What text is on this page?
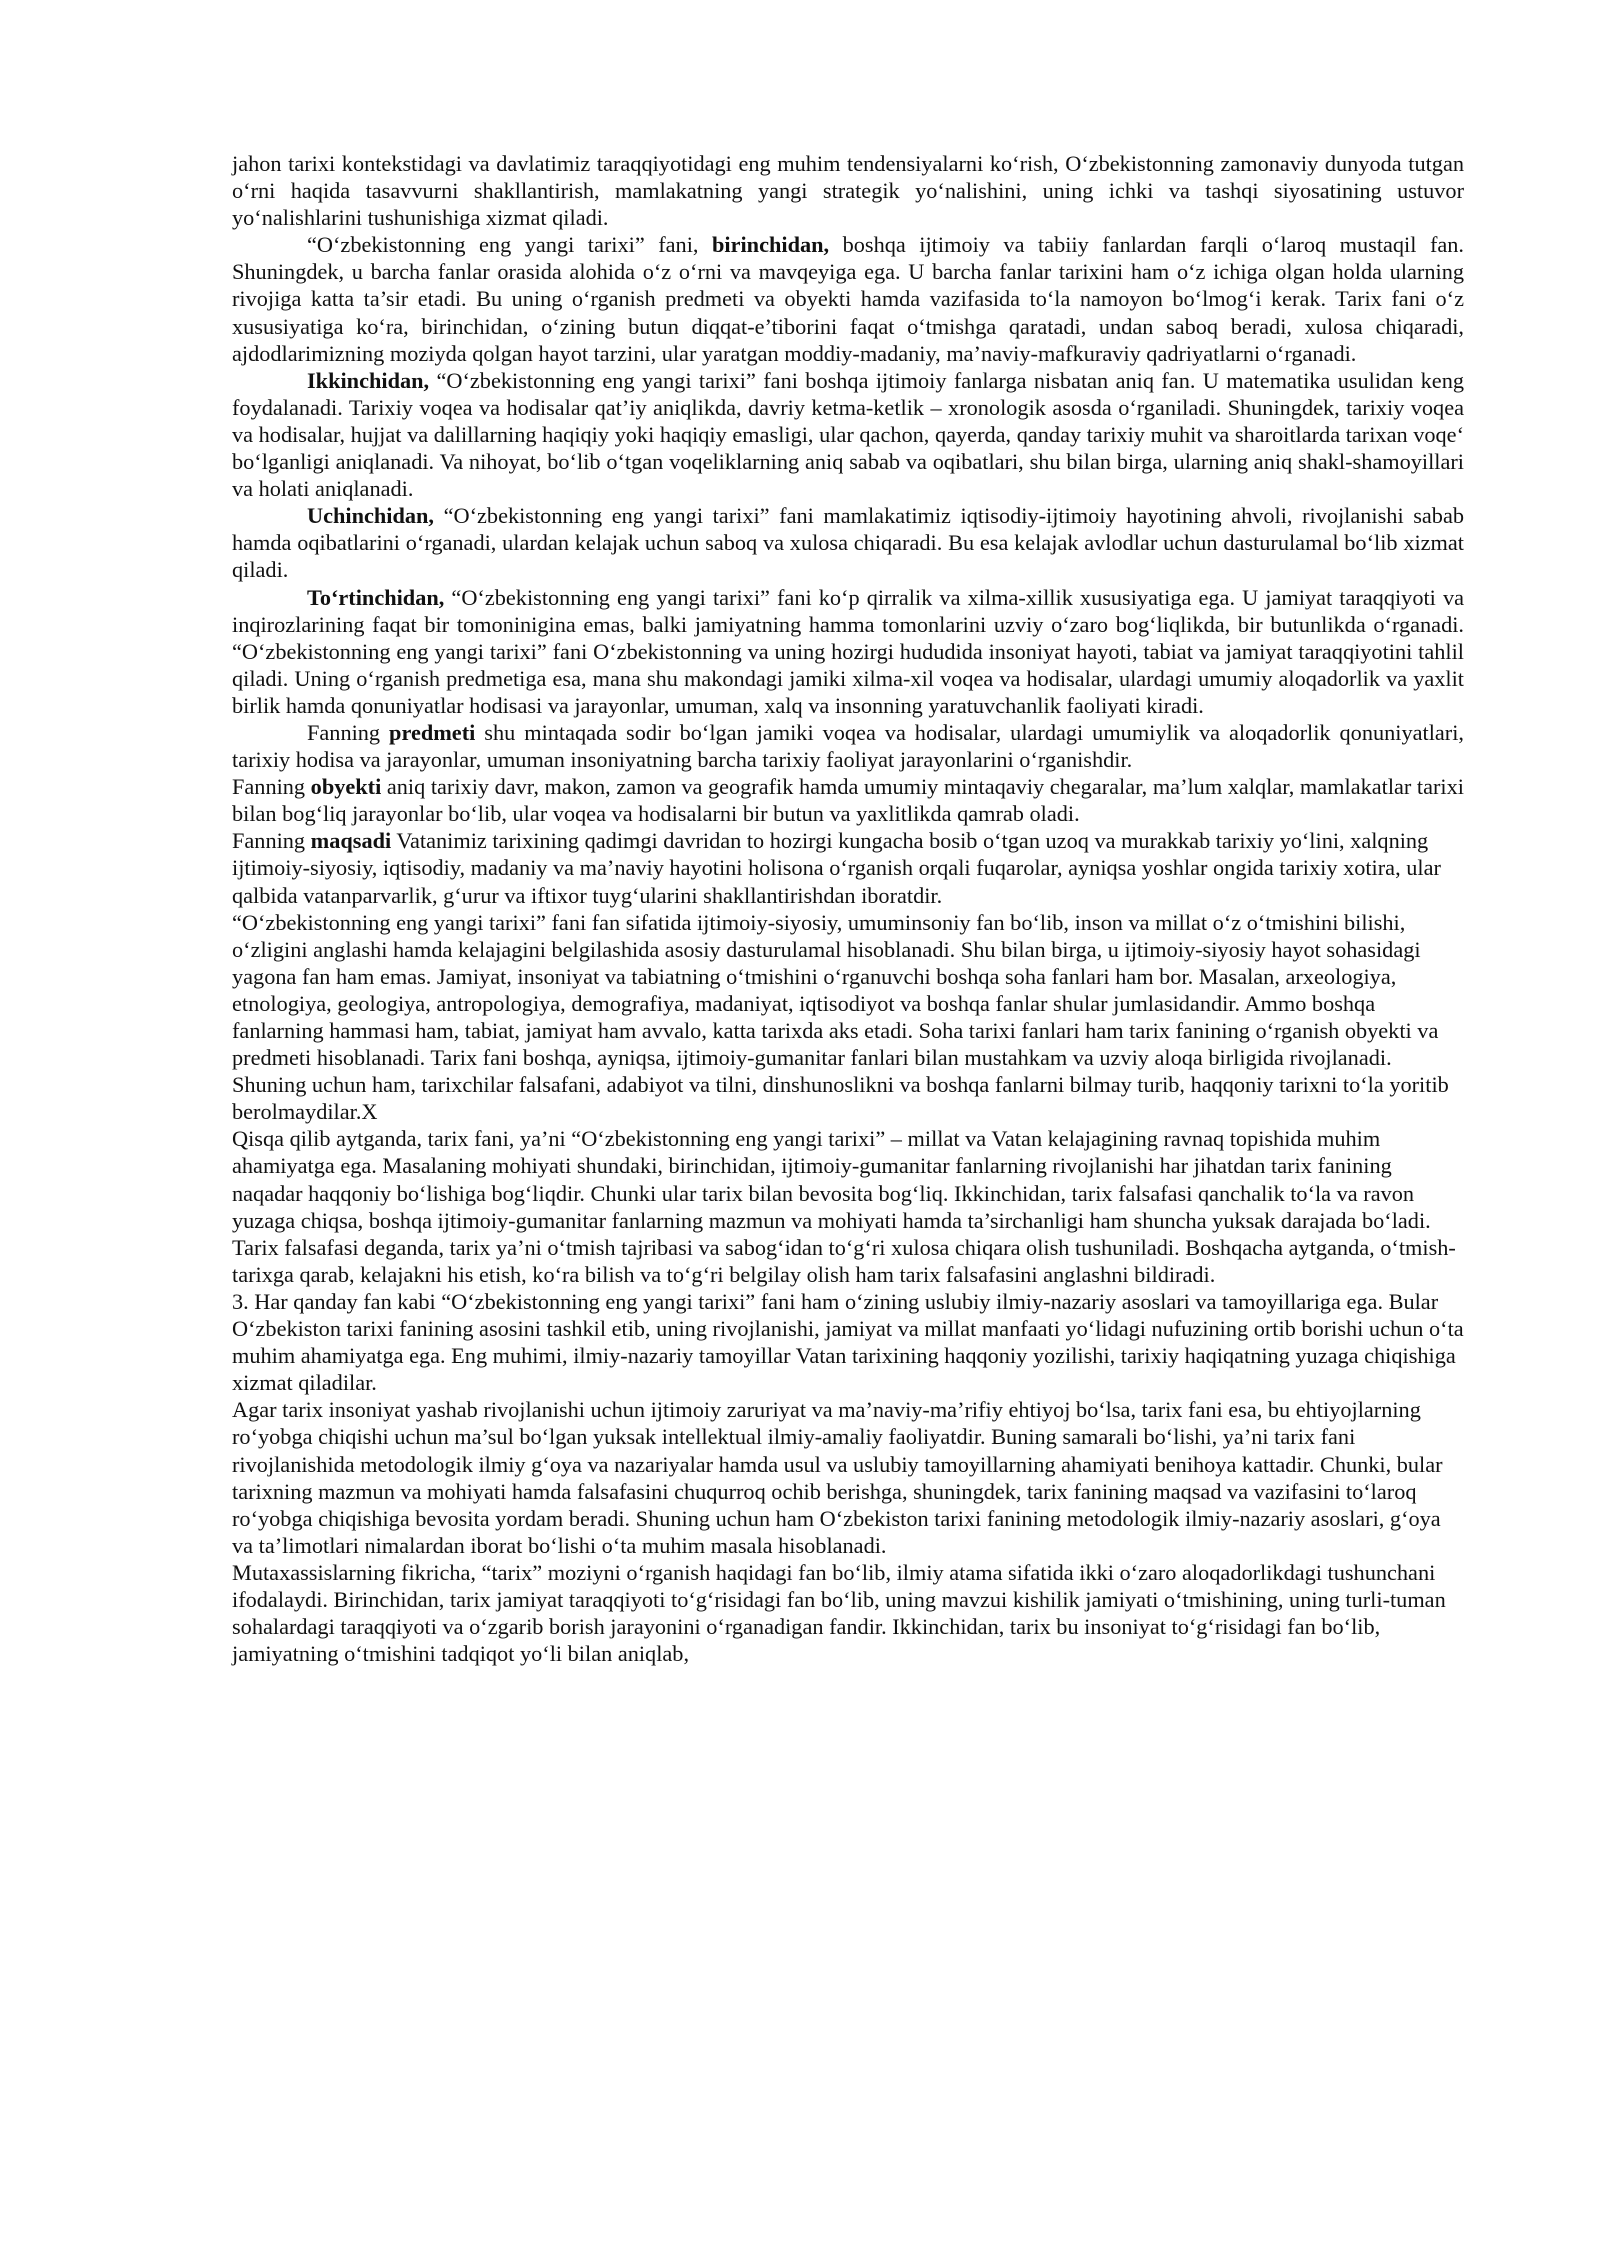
jahon tarixi kontekstidagi va davlatimiz taraqqiyotidagi eng muhim tendensiyalarni ko‘rish, O‘zbekistonning zamonaviy dunyoda tutgan o‘rni haqida tasavvurni shakllantirish, mamlakatning yangi strategik yo‘nalishini, uning ichki va tashqi siyosatining ustuvor yo‘nalishlarini tushunishiga xizmat qiladi.

“O‘zbekistonning eng yangi tarixi” fani, birinchidan, boshqa ijtimoiy va tabiiy fanlardan farqli o‘laroq mustaqil fan. Shuningdek, u barcha fanlar orasida alohida o‘z o‘rni va mavqeyiga ega. U barcha fanlar tarixini ham o‘z ichiga olgan holda ularning rivojiga katta ta’sir etadi. Bu uning o‘rganish predmeti va obyekti hamda vazifasida to‘la namoyon bo‘lmog‘i kerak. Tarix fani o‘z xususiyatiga ko‘ra, birinchidan, o‘zining butun diqqat-e’tiborini faqat o‘tmishga qaratadi, undan saboq beradi, xulosa chiqaradi, ajdodlarimizning moziyda qolgan hayot tarzini, ular yaratgan moddiy-madaniy, ma’naviy-mafkuraviy qadriyatlarni o‘rganadi.

Ikkinchidan, “O‘zbekistonning eng yangi tarixi” fani boshqa ijtimoiy fanlarga nisbatan aniq fan. U matematika usulidan keng foydalanadi. Tarixiy voqea va hodisalar qat’iy aniqlikda, davriy ketma-ketlik – xronologik asosda o‘rganiladi. Shuningdek, tarixiy voqea va hodisalar, hujjat va dalillarning haqiqiy yoki haqiqiy emasligi, ular qachon, qayerda, qanday tarixiy muhit va sharoitlarda tarixan voqe‘ bo‘lganligi aniqlanadi. Va nihoyat, bo‘lib o‘tgan voqeliklarning aniq sabab va oqibatlari, shu bilan birga, ularning aniq shakl-shamoyillari va holati aniqlanadi.

Uchinchidan, “O‘zbekistonning eng yangi tarixi” fani mamlakatimiz iqtisodiy-ijtimoiy hayotining ahvoli, rivojlanishi sabab hamda oqibatlarini o‘rganadi, ulardan kelajak uchun saboq va xulosa chiqaradi. Bu esa kelajak avlodlar uchun dasturulamal bo‘lib xizmat qiladi.

To‘rtinchidan, “O‘zbekistonning eng yangi tarixi” fani ko‘p qirralik va xilma-xillik xususiyatiga ega. U jamiyat taraqqiyoti va inqirozlarining faqat bir tomoninigina emas, balki jamiyatning hamma tomonlarini uzviy o‘zaro bog‘liqlikda, bir butunlikda o‘rganadi. “O‘zbekistonning eng yangi tarixi” fani O‘zbekistonning va uning hozirgi hududida insoniyat hayoti, tabiat va jamiyat taraqqiyotini tahlil qiladi. Uning o‘rganish predmetiga esa, mana shu makondagi jamiki xilma-xil voqea va hodisalar, ulardagi umumiy aloqadorlik va yaxlit birlik hamda qonuniyatlar hodisasi va jarayonlar, umuman, xalq va insonning yaratuvchanlik faoliyati kiradi.

Fanning predmeti shu mintaqada sodir bo‘lgan jamiki voqea va hodisalar, ulardagi umumiylik va aloqadorlik qonuniyatlari, tarixiy hodisa va jarayonlar, umuman insoniyatning barcha tarixiy faoliyat jarayonlarini o‘rganishdir.

Fanning obyekti aniq tarixiy davr, makon, zamon va geografik hamda umumiy mintaqaviy chegaralar, ma’lum xalqlar, mamlakatlar tarixi bilan bog‘liq jarayonlar bo‘lib, ular voqea va hodisalarni bir butun va yaxlitlikda qamrab oladi.

Fanning maqsadi Vatanimiz tarixining qadimgi davridan to hozirgi kungacha bosib o‘tgan uzoq va murakkab tarixiy yo‘lini, xalqning ijtimoiy-siyosiy, iqtisodiy, madaniy va ma’naviy hayotini holisona o‘rganish orqali fuqarolar, ayniqsa yoshlar ongida tarixiy xotira, ular qalbida vatanparvarlik, g‘urur va iftixor tuyg‘ularini shakllantirishdan iboratdir.

“O‘zbekistonning eng yangi tarixi” fani fan sifatida ijtimoiy-siyosiy, umuminsoniy fan bo‘lib, inson va millat o‘z o‘tmishini bilishi, o‘zligini anglashi hamda kelajagini belgilashida asosiy dasturulamal hisoblanadi. Shu bilan birga, u ijtimoiy-siyosiy hayot sohasidagi yagona fan ham emas. Jamiyat, insoniyat va tabiatning o‘tmishini o‘rganuvchi boshqa soha fanlari ham bor. Masalan, arxeologiya, etnologiya, geologiya, antropologiya, demografiya, madaniyat, iqtisodiyot va boshqa fanlar shular jumlasidandir. Ammo boshqa fanlarning hammasi ham, tabiat, jamiyat ham avvalo, katta tarixda aks etadi. Soha tarixi fanlari ham tarix fanining o‘rganish obyekti va predmeti hisoblanadi. Tarix fani boshqa, ayniqsa, ijtimoiy-gumanitar fanlari bilan mustahkam va uzviy aloqa birligida rivojlanadi. Shuning uchun ham, tarixchilar falsafani, adabiyot va tilni, dinshunoslikni va boshqa fanlarni bilmay turib, haqqoniy tarixni to‘la yoritib berolmaydilar.X

Qisqa qilib aytganda, tarix fani, ya’ni “O‘zbekistonning eng yangi tarixi” – millat va Vatan kelajagining ravnaq topishida muhim ahamiyatga ega. Masalaning mohiyati shundaki, birinchidan, ijtimoiy-gumanitar fanlarning rivojlanishi har jihatdan tarix fanining naqadar haqqoniy bo‘lishiga bog‘liqdir. Chunki ular tarix bilan bevosita bog‘liq. Ikkinchidan, tarix falsafasi qanchalik to‘la va ravon yuzaga chiqsa, boshqa ijtimoiy-gumanitar fanlarning mazmun va mohiyati hamda ta’sirchanligi ham shuncha yuksak darajada bo‘ladi. Tarix falsafasi deganda, tarix ya’ni o‘tmish tajribasi va sabog‘idan to‘g‘ri xulosa chiqara olish tushuniladi. Boshqacha aytganda, o‘tmish-tarixga qarab, kelajakni his etish, ko‘ra bilish va to‘g‘ri belgilay olish ham tarix falsafasini anglashni bildiradi.

3. Har qanday fan kabi “O‘zbekistonning eng yangi tarixi” fani ham o‘zining uslubiy ilmiy-nazariy asoslari va tamoyillariga ega. Bular O‘zbekiston tarixi fanining asosini tashkil etib, uning rivojlanishi, jamiyat va millat manfaati yo‘lidagi nufuzining ortib borishi uchun o‘ta muhim ahamiyatga ega. Eng muhimi, ilmiy-nazariy tamoyillar Vatan tarixining haqqoniy yozilishi, tarixiy haqiqatning yuzaga chiqishiga xizmat qiladilar.

Agar tarix insoniyat yashab rivojlanishi uchun ijtimoiy zaruriyat va ma’naviy-ma’rifiy ehtiyoj bo‘lsa, tarix fani esa, bu ehtiyojlarning ro‘yobga chiqishi uchun ma’sul bo‘lgan yuksak intellektual ilmiy-amaliy faoliyatdir. Buning samarali bo‘lishi, ya’ni tarix fani rivojlanishida metodologik ilmiy g‘oya va nazariyalar hamda usul va uslubiy tamoyillarning ahamiyati benihoya kattadir. Chunki, bular tarixning mazmun va mohiyati hamda falsafasini chuqurroq ochib berishga, shuningdek, tarix fanining maqsad va vazifasini to‘laroq ro‘yobga chiqishiga bevosita yordam beradi. Shuning uchun ham O‘zbekiston tarixi fanining metodologik ilmiy-nazariy asoslari, g‘oya va ta’limotlari nimalardan iborat bo‘lishi o‘ta muhim masala hisoblanadi.

Mutaxassislarning fikricha, “tarix” moziyni o‘rganish haqidagi fan bo‘lib, ilmiy atama sifatida ikki o‘zaro aloqadorlikdagi tushunchani ifodalaydi. Birinchidan, tarix jamiyat taraqqiyoti to‘g‘risidagi fan bo‘lib, uning mavzui kishilik jamiyati o‘tmishining, uning turli-tuman sohalardagi taraqqiyoti va o‘zgarib borish jarayonini o‘rganadigan fandir. Ikkinchidan, tarix bu insoniyat to‘g‘risidagi fan bo‘lib, jamiyatning o‘tmishini tadqiqot yo‘li bilan aniqlab,
